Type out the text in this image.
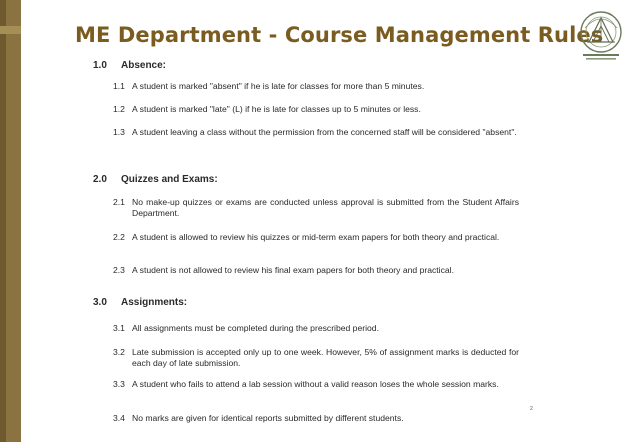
ME Department - Course Management Rules
1.0 Absence:
1.1 A student is marked "absent" if he is late for classes for more than 5 minutes.
1.2 A student is marked "late" (L) if he is late for classes up to 5 minutes or less.
1.3 A student leaving a class without the permission from the concerned staff will be considered "absent".
2.0 Quizzes and Exams:
2.1 No make-up quizzes or exams are conducted unless approval is submitted from the Student Affairs Department.
2.2 A student is allowed to review his quizzes or mid-term exam papers for both theory and practical.
2.3 A student is not allowed to review his final exam papers for both theory and practical.
3.0 Assignments:
3.1 All assignments must be completed during the prescribed period.
3.2 Late submission is accepted only up to one week. However, 5% of assignment marks is deducted for each day of late submission.
3.3 A student who fails to attend a lab session without a valid reason loses the whole session marks.
3.4 No marks are given for identical reports submitted by different students.
2
